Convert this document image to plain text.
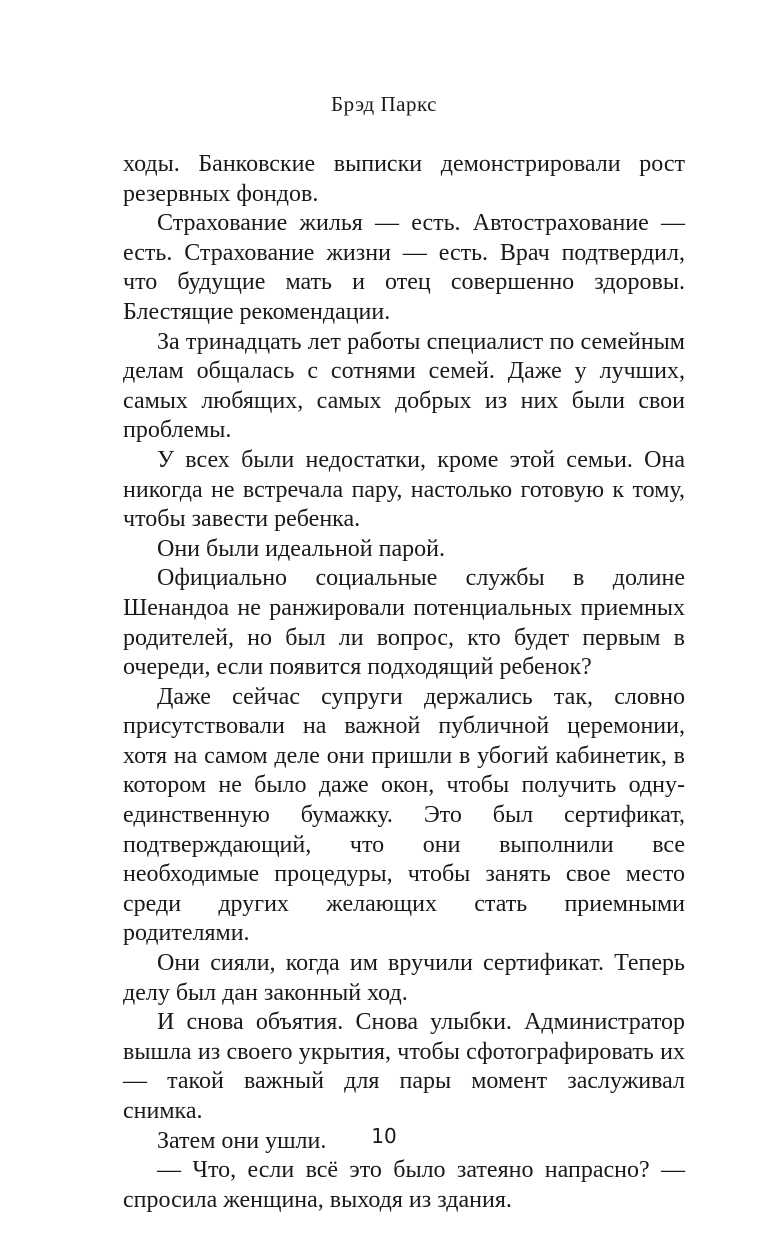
Брэд Паркс

ходы. Банковские выписки демонстрировали рост резервных фондов.

Страхование жилья — есть. Автострахование — есть. Страхование жизни — есть. Врач подтвердил, что будущие мать и отец совершенно здоровы. Блестящие рекомендации.

За тринадцать лет работы специалист по семейным делам общалась с сотнями семей. Даже у лучших, самых любящих, самых добрых из них были свои проблемы.

У всех были недостатки, кроме этой семьи. Она никогда не встречала пару, настолько готовую к тому, чтобы завести ребенка.

Они были идеальной парой.

Официально социальные службы в долине Шенандоа не ранжировали потенциальных приемных родителей, но был ли вопрос, кто будет первым в очереди, если появится подходящий ребенок?

Даже сейчас супруги держались так, словно присутствовали на важной публичной церемонии, хотя на самом деле они пришли в убогий кабинетик, в котором не было даже окон, чтобы получить одну-единственную бумажку. Это был сертификат, подтверждающий, что они выполнили все необходимые процедуры, чтобы занять свое место среди других желающих стать приемными родителями.

Они сияли, когда им вручили сертификат. Теперь делу был дан законный ход.

И снова объятия. Снова улыбки. Администратор вышла из своего укрытия, чтобы сфотографировать их — такой важный для пары момент заслуживал снимка.

Затем они ушли.

— Что, если всё это было затеяно напрасно? — спросила женщина, выходя из здания.

10
